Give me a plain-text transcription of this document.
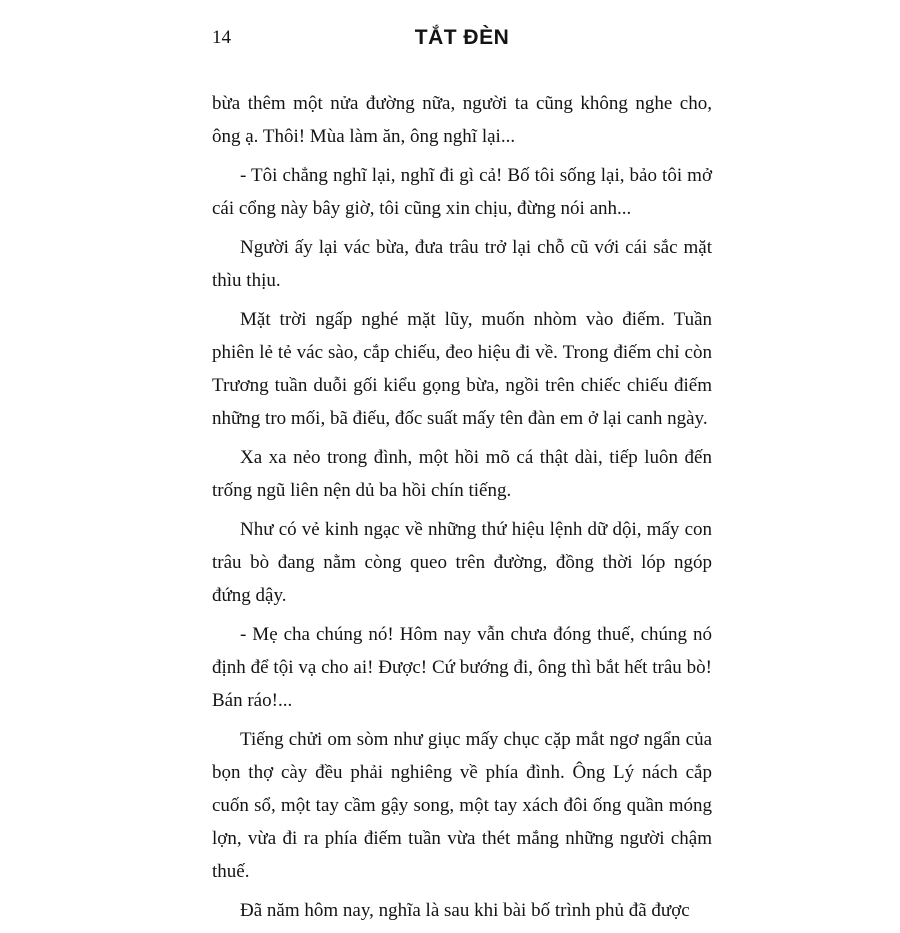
14	TẮT ĐÈN

bừa thêm một nửa đường nữa, người ta cũng không nghe cho, ông ạ. Thôi! Mùa làm ăn, ông nghĩ lại...

- Tôi chẳng nghĩ lại, nghĩ đi gì cả! Bố tôi sống lại, bảo tôi mở cái cổng này bây giờ, tôi cũng xin chịu, đừng nói anh...

Người ấy lại vác bừa, đưa trâu trở lại chỗ cũ với cái sắc mặt thìu thịu.

Mặt trời ngấp nghé mặt lũy, muốn nhòm vào điếm. Tuần phiên lẻ tẻ vác sào, cắp chiếu, đeo hiệu đi về. Trong điếm chỉ còn Trương tuần duỗi gối kiểu gọng bừa, ngồi trên chiếc chiếu điếm những tro mối, bã điếu, đốc suất mấy tên đàn em ở lại canh ngày.

Xa xa nẻo trong đình, một hồi mõ cá thật dài, tiếp luôn đến trống ngũ liên nện dủ ba hồi chín tiếng.

Như có vẻ kinh ngạc về những thứ hiệu lệnh dữ dội, mấy con trâu bò đang nằm còng queo trên đường, đồng thời lóp ngóp đứng dậy.

- Mẹ cha chúng nó! Hôm nay vẫn chưa đóng thuế, chúng nó định để tội vạ cho ai! Được! Cứ bướng đi, ông thì bắt hết trâu bò! Bán ráo!...

Tiếng chửi om sòm như giục mấy chục cặp mắt ngơ ngẩn của bọn thợ cày đều phải nghiêng về phía đình. Ông Lý nách cắp cuốn sổ, một tay cầm gậy song, một tay xách đôi ống quần móng lợn, vừa đi ra phía điếm tuần vừa thét mắng những người chậm thuế.

Đã năm hôm nay, nghĩa là sau khi bài bố trình phủ đã được
